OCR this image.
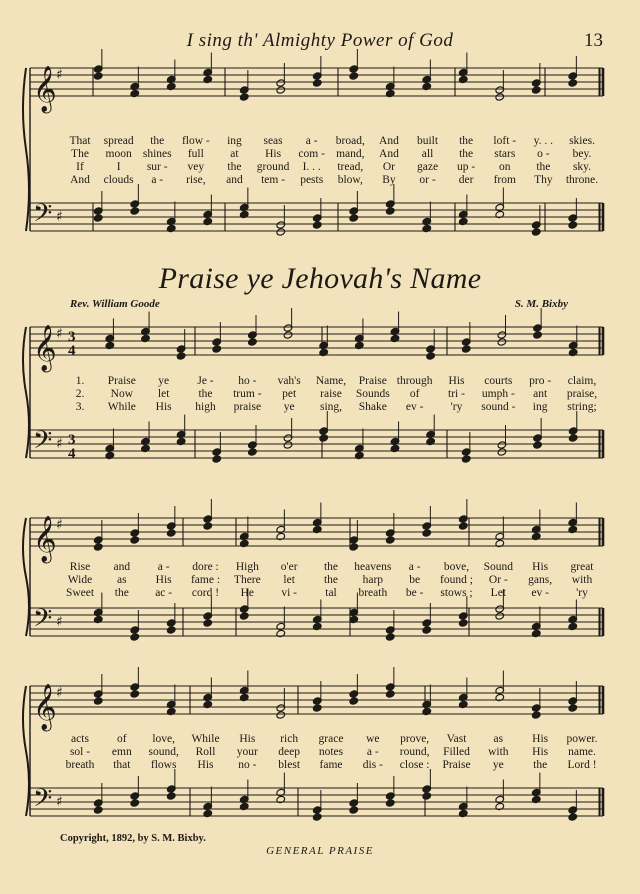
I sing th' Almighty Power of God	13
𝄞 ♯
𝄢 ♯
That spread the flow - ing seas a - broad, And built the loft - y. . . skies.
The moon shines full at His com - mand, And all the stars o - bey.
If	I sur - vey the ground I. . . tread, Or gaze up - on the sky.
And clouds a - rise, and tem - pests blow, By or - der from Thy throne.
Praise ye Jehovah's Name
Rev. William Goode	S. M. Bixby
𝄞 ♯ 3
4
𝄢 ♯ 3
4
1. Praise ye Je - ho - vah's Name, Praise through His courts pro - claim,
2. Now let	the trum - pet raise Sounds of tri - umph - ant praise,
3. While His high praise ye sing, Shake ev - 'ry sound - ing string;
𝄞 ♯
𝄢 ♯
Rise and a - dore : High o'er the heavens a - bove, Sound His great
Wide as	His fame : There let	the harp be found ; Or - gans, with
Sweet the ac - cord ! He vi - tal breath be - stows ; Let ev - 'ry
𝄞 ♯
𝄢 ♯
acts of love, While His rich grace we prove, Vast as	His power.
sol - emn sound, Roll your deep notes a - round, Filled with His name.
breath that flows His no - blest fame dis - close : Praise ye	the Lord !
Copyright, 1892, by S. M. Bixby.
GENERAL PRAISE
